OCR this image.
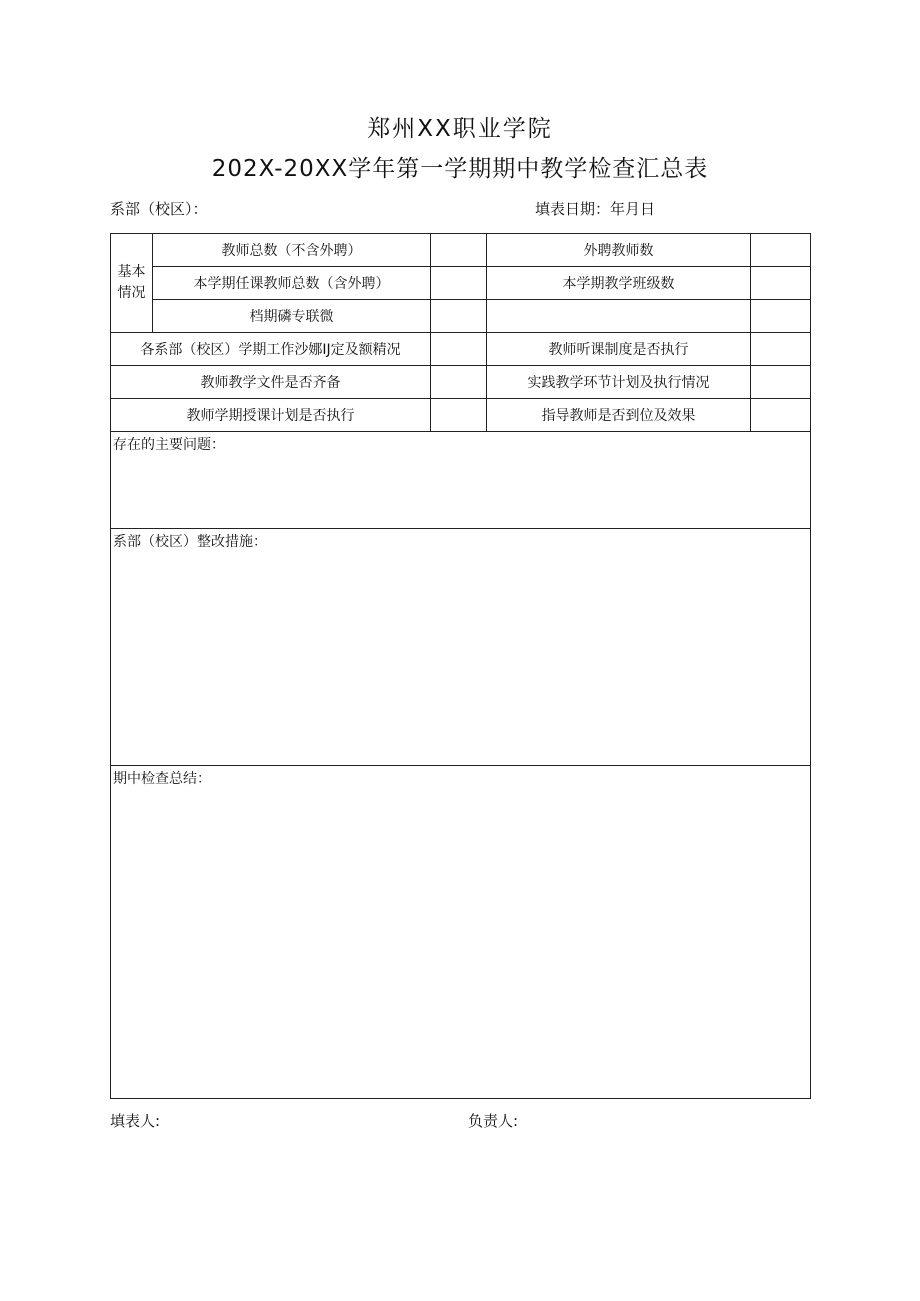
郑州XX职业学院
202X-20XX学年第一学期期中教学检查汇总表
系部（校区）：	填表日期：年月日
基本
情况	教师总数（不含外聘）		外聘教师数	
	本学期任课教师总数（含外聘）		本学期教学班级数	
	档期磷专联微			
各系部（校区）学期工作沙娜IJ定及额精况			教师听课制度是否执行	
教师教学文件是否齐备			实践教学环节计划及执行情况	
教师学期授课计划是否执行			指导教师是否到位及效果	

存在的主要问题：				

系部（校区）整改措施：				

期中检查总结：				
填表人:	负责人:
